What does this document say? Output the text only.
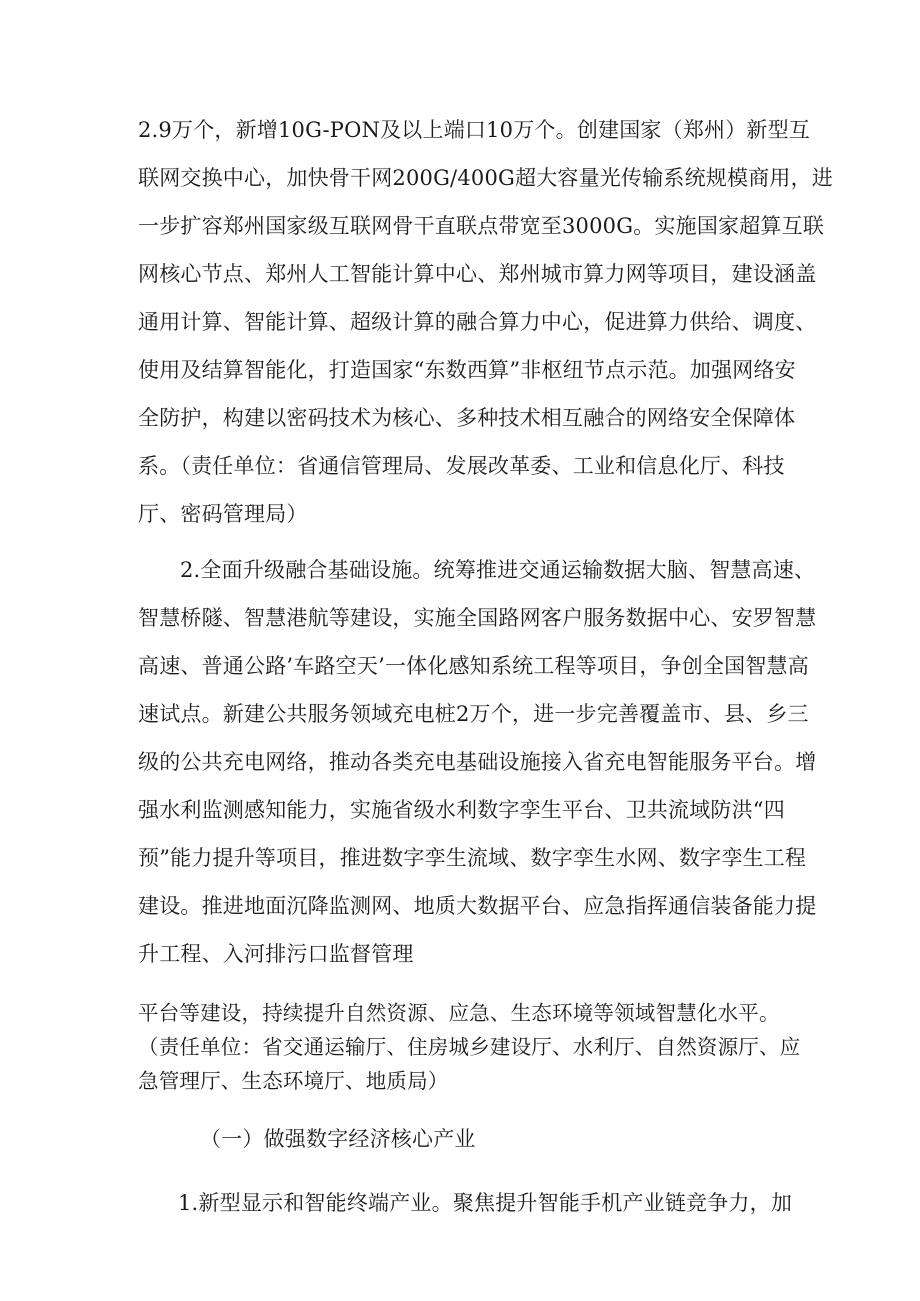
2.9万个，新增10G-PON及以上端口10万个。创建国家（郑州）新型互
联网交换中心，加快骨干网200G/400G超大容量光传输系统规模商用，进
一步扩容郑州国家级互联网骨干直联点带宽至3000G。实施国家超算互联
网核心节点、郑州人工智能计算中心、郑州城市算力网等项目，建设涵盖
通用计算、智能计算、超级计算的融合算力中心，促进算力供给、调度、
使用及结算智能化，打造国家“东数西算”非枢纽节点示范。加强网络安
全防护，构建以密码技术为核心、多种技术相互融合的网络安全保障体
系。（责任单位：省通信管理局、发展改革委、工业和信息化厅、科技
厅、密码管理局）
2.全面升级融合基础设施。统筹推进交通运输数据大脑、智慧高速、
智慧桥隧、智慧港航等建设，实施全国路网客户服务数据中心、安罗智慧
高速、普通公路’车路空天’一体化感知系统工程等项目，争创全国智慧高
速试点。新建公共服务领域充电桩2万个，进一步完善覆盖市、县、乡三
级的公共充电网络，推动各类充电基础设施接入省充电智能服务平台。增
强水利监测感知能力，实施省级水利数字孪生平台、卫共流域防洪“四
预”能力提升等项目，推进数字孪生流域、数字孪生水网、数字孪生工程
建设。推进地面沉降监测网、地质大数据平台、应急指挥通信装备能力提
升工程、入河排污口监督管理
平台等建设，持续提升自然资源、应急、生态环境等领域智慧化水平。
（责任单位：省交通运输厅、住房城乡建设厅、水利厅、自然资源厅、应
急管理厅、生态环境厅、地质局）
（一）做强数字经济核心产业
1.新型显示和智能终端产业。聚焦提升智能手机产业链竞争力，加
